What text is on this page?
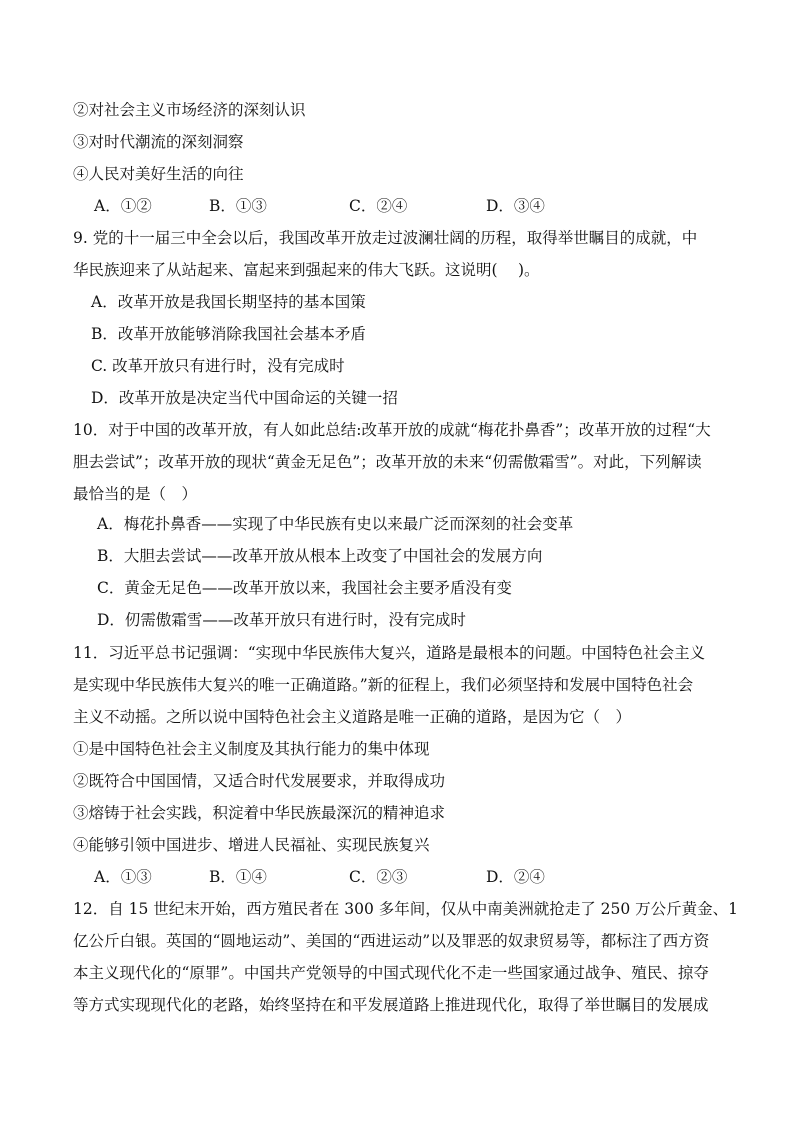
②对社会主义市场经济的深刻认识
③对时代潮流的深刻洞察
④人民对美好生活的向往
A．①②	B．①③	C．②④	D．③④
9. 党的十一届三中全会以后，我国改革开放走过波澜壮阔的历程，取得举世瞩目的成就，中
华民族迎来了从站起来、富起来到强起来的伟大飞跃。这说明(　 )。
A．改革开放是我国长期坚持的基本国策
B．改革开放能够消除我国社会基本矛盾
C. 改革开放只有进行时，没有完成时
D．改革开放是决定当代中国命运的关键一招
10．对于中国的改革开放，有人如此总结:改革开放的成就“梅花扑鼻香”；改革开放的过程“大
胆去尝试”；改革开放的现状“黄金无足色”；改革开放的未来“仞需傲霜雪”。对此，下列解读
最恰当的是（　）
A．梅花扑鼻香——实现了中华民族有史以来最广泛而深刻的社会变革
B．大胆去尝试——改革开放从根本上改变了中国社会的发展方向
C．黄金无足色——改革开放以来，我国社会主要矛盾没有变
D．仞需傲霜雪——改革开放只有进行时，没有完成时
11．习近平总书记强调：“实现中华民族伟大复兴，道路是最根本的问题。中国特色社会主义
是实现中华民族伟大复兴的唯一正确道路。”新的征程上，我们必须坚持和发展中国特色社会
主义不动摇。之所以说中国特色社会主义道路是唯一正确的道路，是因为它（　）
①是中国特色社会主义制度及其执行能力的集中体现
②既符合中国国情，又适合时代发展要求，并取得成功
③熔铸于社会实践，积淀着中华民族最深沉的精神追求
④能够引领中国进步、增进人民福祉、实现民族复兴
A．①③	B．①④	C．②③	D．②④
12．自 15 世纪末开始，西方殖民者在 300 多年间，仅从中南美洲就抢走了 250 万公斤黄金、1
亿公斤白银。英国的“圆地运动”、美国的“西进运动”以及罪恶的奴隶贸易等，都标注了西方资
本主义现代化的“原罪”。中国共产党领导的中国式现代化不走一些国家通过战争、殖民、掠夺
等方式实现现代化的老路，始终坚持在和平发展道路上推进现代化，取得了举世瞩目的发展成
